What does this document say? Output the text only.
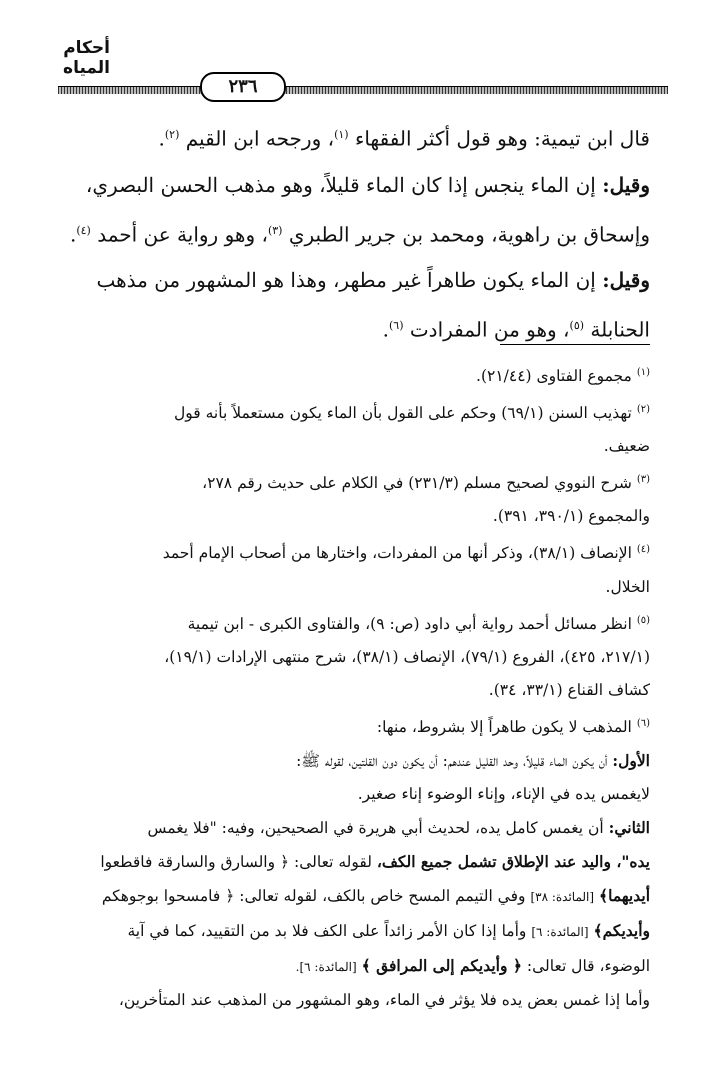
أحكام المياه
٢٣٦

قال ابن تيمية: وهو قول أكثر الفقهاء $^{(١)}$، ورجحه ابن القيم $^{(٢)}$.

وقيل: إن الماء ينجس إذا كان الماء قليلاً، وهو مذهب الحسن البصري،

وإسحاق بن راهوية، ومحمد بن جرير الطبري $^{(٣)}$، وهو رواية عن أحمد $^{(٤)}$.

وقيل: إن الماء يكون طاهراً غير مطهر، وهذا هو المشهور من مذهب

الحنابلة $^{(٥)}$، وهو من المفرادت $^{(٦)}$.

$^{(١)}$ مجموع الفتاوى (٢١/٤٤).

$^{(٢)}$ تهذيب السنن (٦٩/١) وحكم على القول بأن الماء يكون مستعملاً بأنه قول

ضعيف.

$^{(٣)}$ شرح النووي لصحيح مسلم (٢٣١/٣) في الكلام على حديث رقم ٢٧٨،

والمجموع (٣٩٠/١، ٣٩١).

$^{(٤)}$ الإنصاف (٣٨/١)، وذكر أنها من المفردات، واختارها من أصحاب الإمام أحمد

الخلال.

$^{(٥)}$ انظر مسائل أحمد رواية أبي داود (ص: ٩)، والفتاوى الكبرى - ابن تيمية

(٢١٧/١، ٤٢٥)، الفروع (٧٩/١)، الإنصاف (٣٨/١)، شرح منتهى الإرادات (١٩/١)،

كشاف القناع (٣٣/١، ٣٤).

$^{(٦)}$ المذهب لا يكون طاهراً إلا بشروط، منها:

الأول: أن يكون الماء قليلاً، وحد القليل عندهم: أن يكون دون القلتين، لقوله ﷺ:

لايغمس يده في الإناء، وإناء الوضوء إناء صغير.

الثاني: أن يغمس كامل يده، لحديث أبي هريرة في الصحيحين، وفيه: "فلا يغمس

يده"، واليد عند الإطلاق تشمل جميع الكف، لقوله تعالى: ﴿ والسارق والسارقة فاقطعوا

أيديهما﴾ [المائدة: ٣٨] وفي التيمم المسح خاص بالكف، لقوله تعالى: ﴿ فامسحوا بوجوهكم

وأيديكم﴾ [المائدة: ٦] وأما إذا كان الأمر زائداً على الكف فلا بد من التقييد، كما في آية

الوضوء، قال تعالى: ﴿ وأيديكم إلى المرافق ﴾ [المائدة: ٦].

وأما إذا غمس بعض يده فلا يؤثر في الماء، وهو المشهور من المذهب عند المتأخرين،
